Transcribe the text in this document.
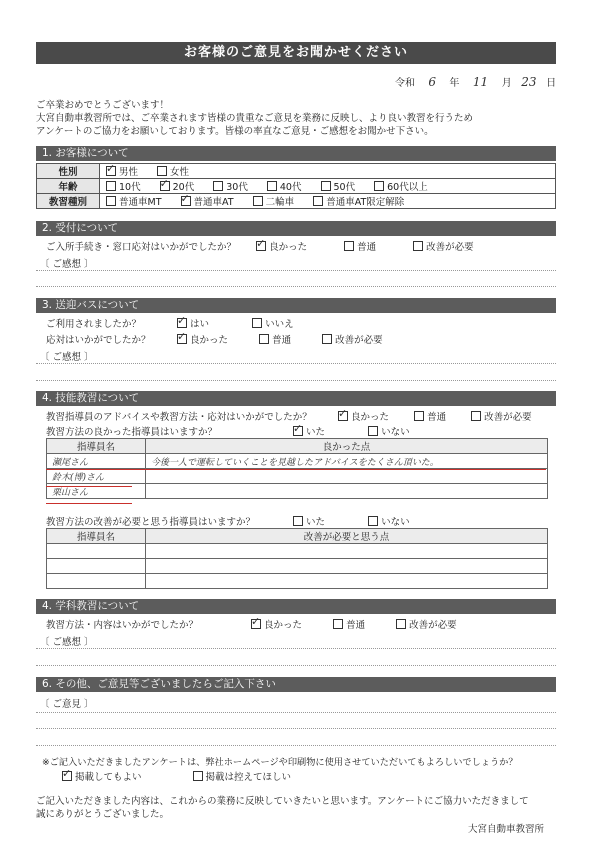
お客様のご意見をお聞かせください
令和 6 年 11 月 23 日
ご卒業おめでとうございます！
大宮自動車教習所では、ご卒業されます皆様の貴重なご意見を業務に反映し、より良い教習を行うため
アンケートのご協力をお願いしております。皆様の率直なご意見・ご感想をお聞かせ下さい。
1. お客様について
性別	✓男性 女性
年齢	10代 ✓ 20代 30代 40代 50代 60代以上
教習種別	普通車MT ✓ 普通車AT 二輪車 普通車AT限定解除
2. 受付について
ご入所手続き・窓口応対はいかがでしたか？ ✓	良かった	普通	改善が必要
〔 ご感想 〕
3. 送迎バスについて
ご利用されましたか？ ✓	はい	いいえ
応対はいかがでしたか？ ✓	良かった	普通	改善が必要
〔 ご感想 〕
4. 技能教習について
教習指導員のアドバイスや教習方法・応対はいかがでしたか？ ✓	良かった	普通	改善が必要
教習方法の良かった指導員はいますか？ ✓	いた	いない
指導員名	良かった点
瀬尾さん	今後一人で運転していくことを見越したアドバイスをたくさん頂いた。
鈴木(博)さん	
栗山さん	
教習方法の改善が必要と思う指導員はいますか？	いた	いない
指導員名	改善が必要と思う点

4. 学科教習について
教習方法・内容はいかがでしたか？ ✓	良かった	普通	改善が必要
〔 ご感想 〕
6. その他、ご意見等ございましたらご記入下さい
〔 ご意見 〕
※ご記入いただきましたアンケートは、弊社ホームページや印刷物に使用させていただいてもよろしいでしょうか？
✓掲載してもよい	掲載は控えてほしい
ご記入いただきました内容は、これからの業務に反映していきたいと思います。アンケートにご協力いただきまして
誠にありがとうございました。
大宮自動車教習所
